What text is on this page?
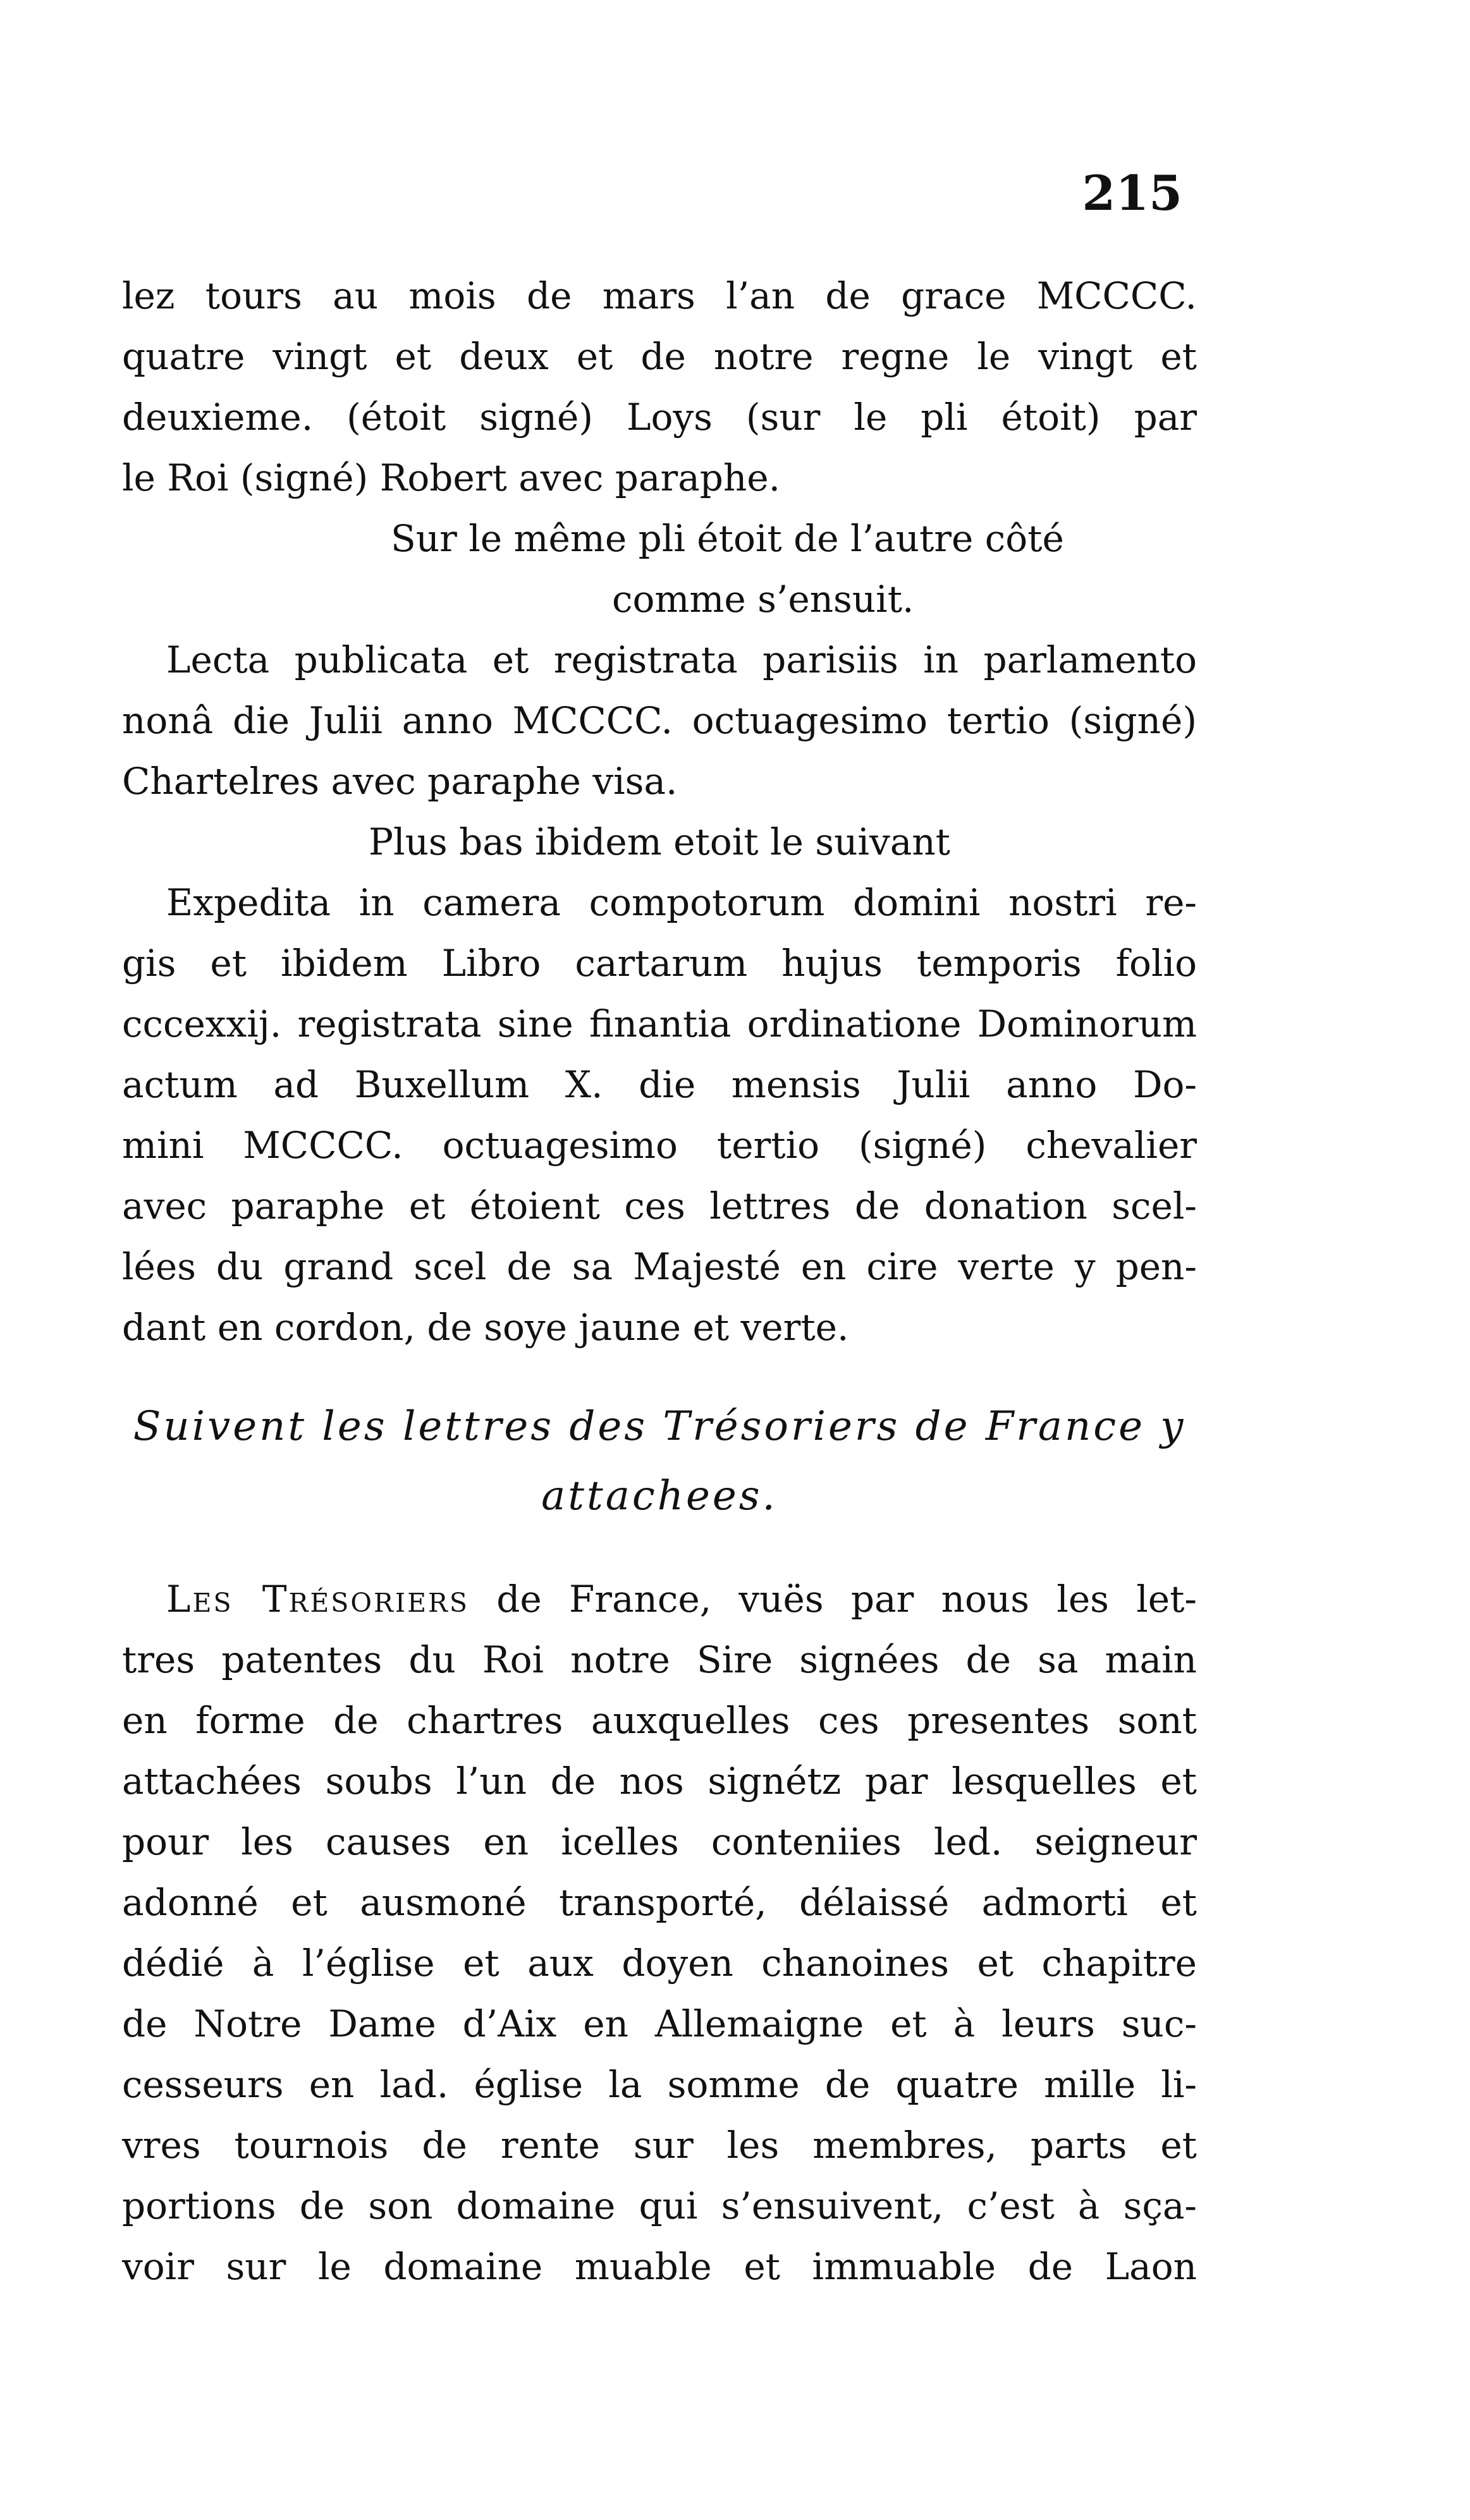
215
lez tours au mois de mars l’an de grace MCCCC.
quatre vingt et deux et de notre regne le vingt et
deuxieme. (étoit signé) Loys (sur le pli étoit) par
le Roi (signé) Robert avec paraphe.
Sur le même pli étoit de l’autre côté
comme s’ensuit.
Lecta publicata et registrata parisiis in parlamento
nonâ die Julii anno MCCCC. octuagesimo tertio (signé)
Chartelres avec paraphe visa.
Plus bas ibidem etoit le suivant
Expedita in camera compotorum domini nostri re-
gis et ibidem Libro cartarum hujus temporis folio
cccexxij. registrata sine finantia ordinatione Dominorum
actum ad Buxellum X. die mensis Julii anno Do-
mini MCCCC. octuagesimo tertio (signé) chevalier
avec paraphe et étoient ces lettres de donation scel-
lées du grand scel de sa Majesté en cire verte y pen-
dant en cordon, de soye jaune et verte.
Suivent les lettres des Trésoriers de France y
attachees.
Les Trésoriers de France, vuës par nous les let-
tres patentes du Roi notre Sire signées de sa main
en forme de chartres auxquelles ces presentes sont
attachées soubs l’un de nos signétz par lesquelles et
pour les causes en icelles conteniies led. seigneur
adonné et ausmoné transporté, délaissé admorti et
dédié à l’église et aux doyen chanoines et chapitre
de Notre Dame d’Aix en Allemaigne et à leurs suc-
cesseurs en lad. église la somme de quatre mille li-
vres tournois de rente sur les membres, parts et
portions de son domaine qui s’ensuivent, c’est à sça-
voir sur le domaine muable et immuable de Laon
